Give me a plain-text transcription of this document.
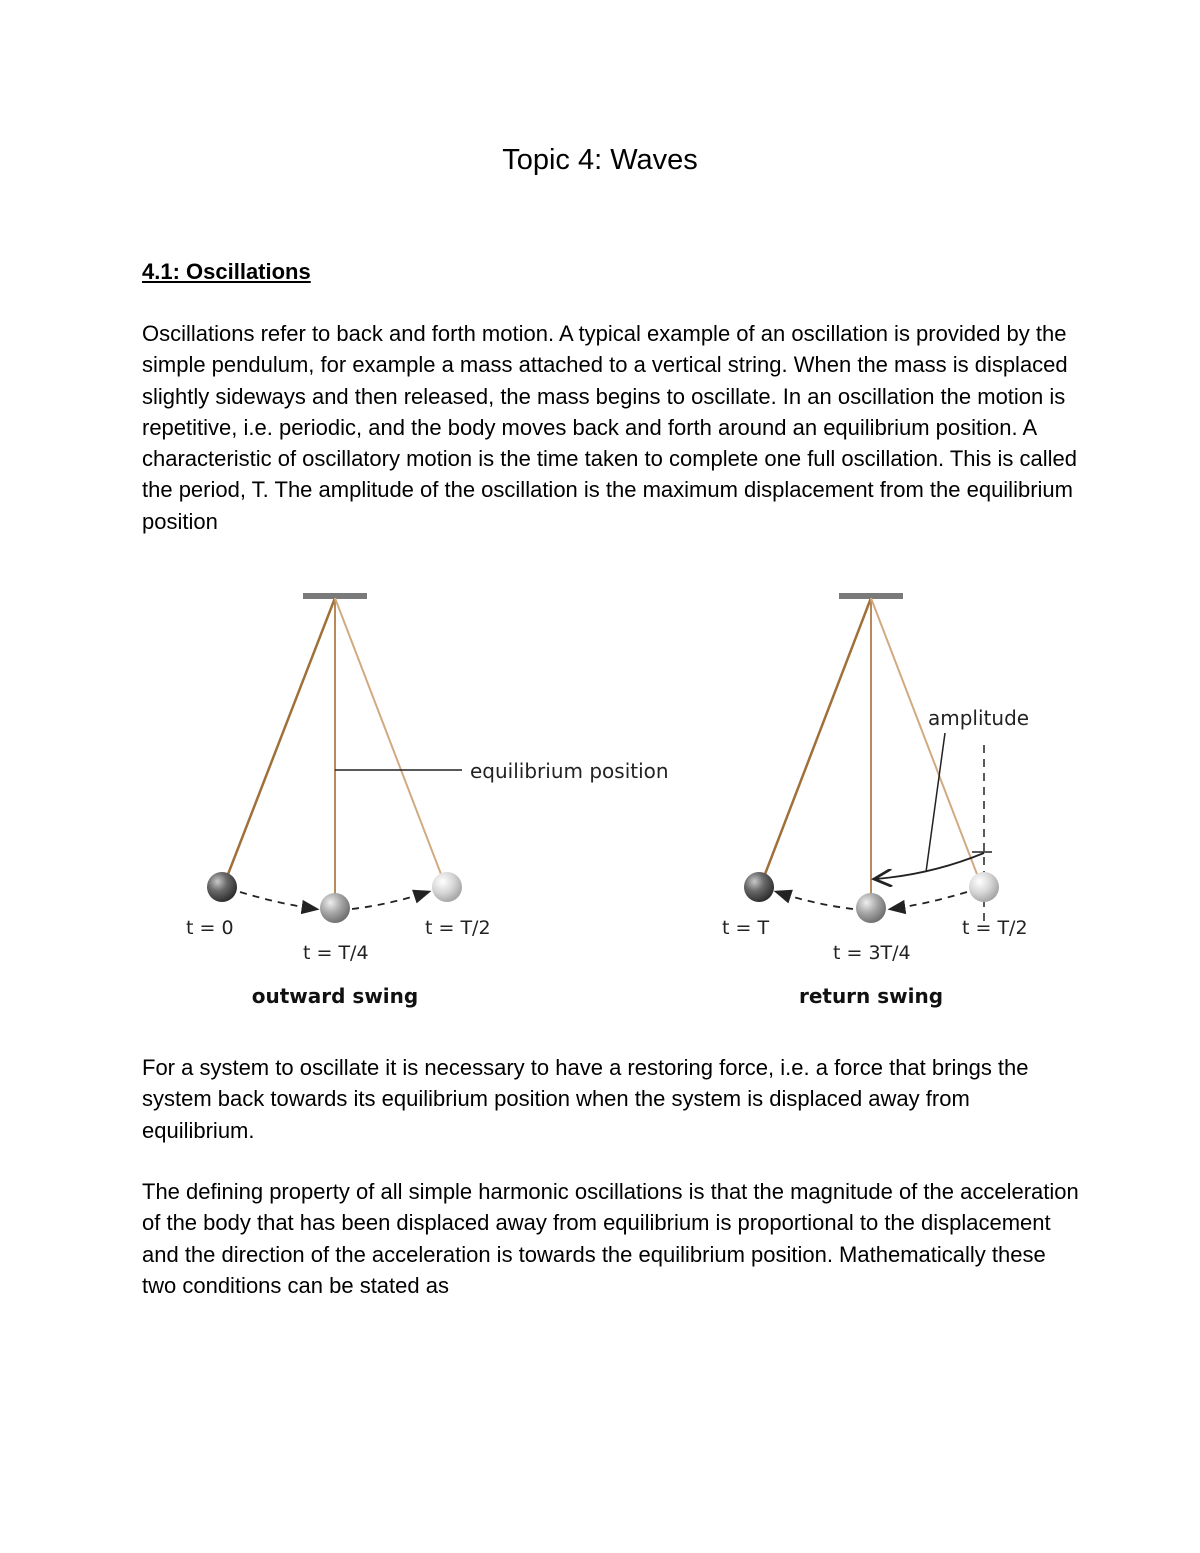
Topic 4: Waves
4.1: Oscillations

Oscillations refer to back and forth motion. A typical example of an oscillation is provided by the simple pendulum, for example a mass attached to a vertical string. When the mass is displaced slightly sideways and then released, the mass begins to oscillate. In an oscillation the motion is repetitive, i.e. periodic, and the body moves back and forth around an equilibrium position. A characteristic of oscillatory motion is the time taken to complete one full oscillation. This is called the period, T. The amplitude of the oscillation is the maximum displacement from the equilibrium position

equilibrium position
t = 0
t = T/4
t = T/2
outward swing
amplitude
t = T
t = 3T/4
t = T/2
return swing

For a system to oscillate it is necessary to have a restoring force, i.e. a force that brings the system back towards its equilibrium position when the system is displaced away from equilibrium.

The defining property of all simple harmonic oscillations is that the magnitude of the acceleration of the body that has been displaced away from equilibrium is proportional to the displacement and the direction of the acceleration is towards the equilibrium position. Mathematically these two conditions can be stated as
